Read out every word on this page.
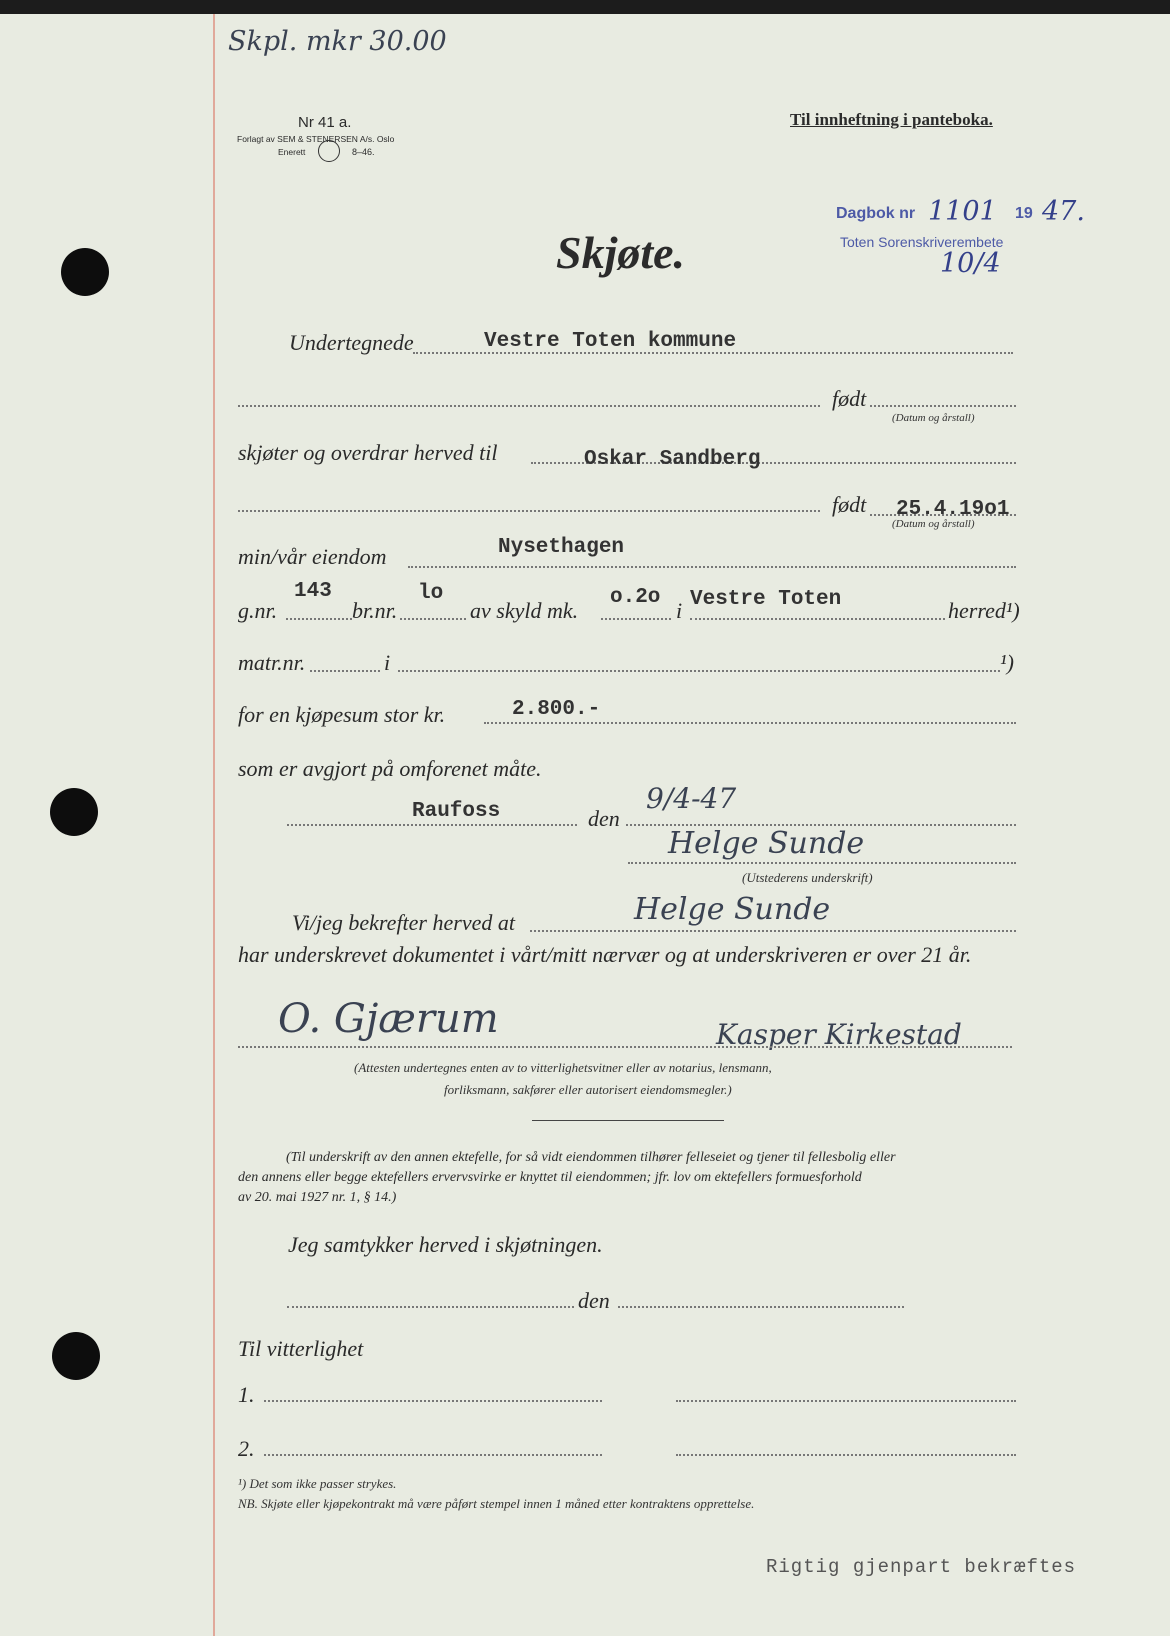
Skpl. mkr 30.00
Nr 41 a.
Forlagt av SEM & STENERSEN A/s. Oslo
Enerett	8–46.
Til innheftning i panteboka.
Dagbok nr 1101 19 47.
Toten Sorenskriverembete
10/4
Skjøte.
Undertegnede	Vestre Toten kommune
født
(Datum og årstall)
skjøter og overdrar herved til	Oskar Sandberg
født 25.4.19o1
(Datum og årstall)
min/vår eiendom	Nysethagen
g.nr.
143
br.nr.
lo
av skyld mk.
o.2o
i Vestre Toten	herred¹)
matr.nr.	i	¹)
for en kjøpesum stor kr.	2.800.-
som er avgjort på omforenet måte.
Raufoss	den
9/4-47
Helge Sunde
(Utstederens underskrift)
Vi/jeg bekrefter herved at	Helge Sunde
har underskrevet dokumentet i vårt/mitt nærvær og at underskriveren er over 21 år.
O. Gjærum	Kasper Kirkestad
(Attesten undertegnes enten av to vitterlighetsvitner eller av notarius, lensmann,
forliksmann, sakfører eller autorisert eiendomsmegler.)
(Til underskrift av den annen ektefelle, for så vidt eiendommen tilhører felleseiet og tjener til fellesbolig eller
den annens eller begge ektefellers ervervsvirke er knyttet til eiendommen; jfr. lov om ektefellers formuesforhold
av 20. mai 1927 nr. 1, § 14.)
Jeg samtykker herved i skjøtningen.
den
Til vitterlighet
1.
2.
¹) Det som ikke passer strykes.
NB. Skjøte eller kjøpekontrakt må være påført stempel innen 1 måned etter kontraktens opprettelse.
Rigtig gjenpart bekræftes
